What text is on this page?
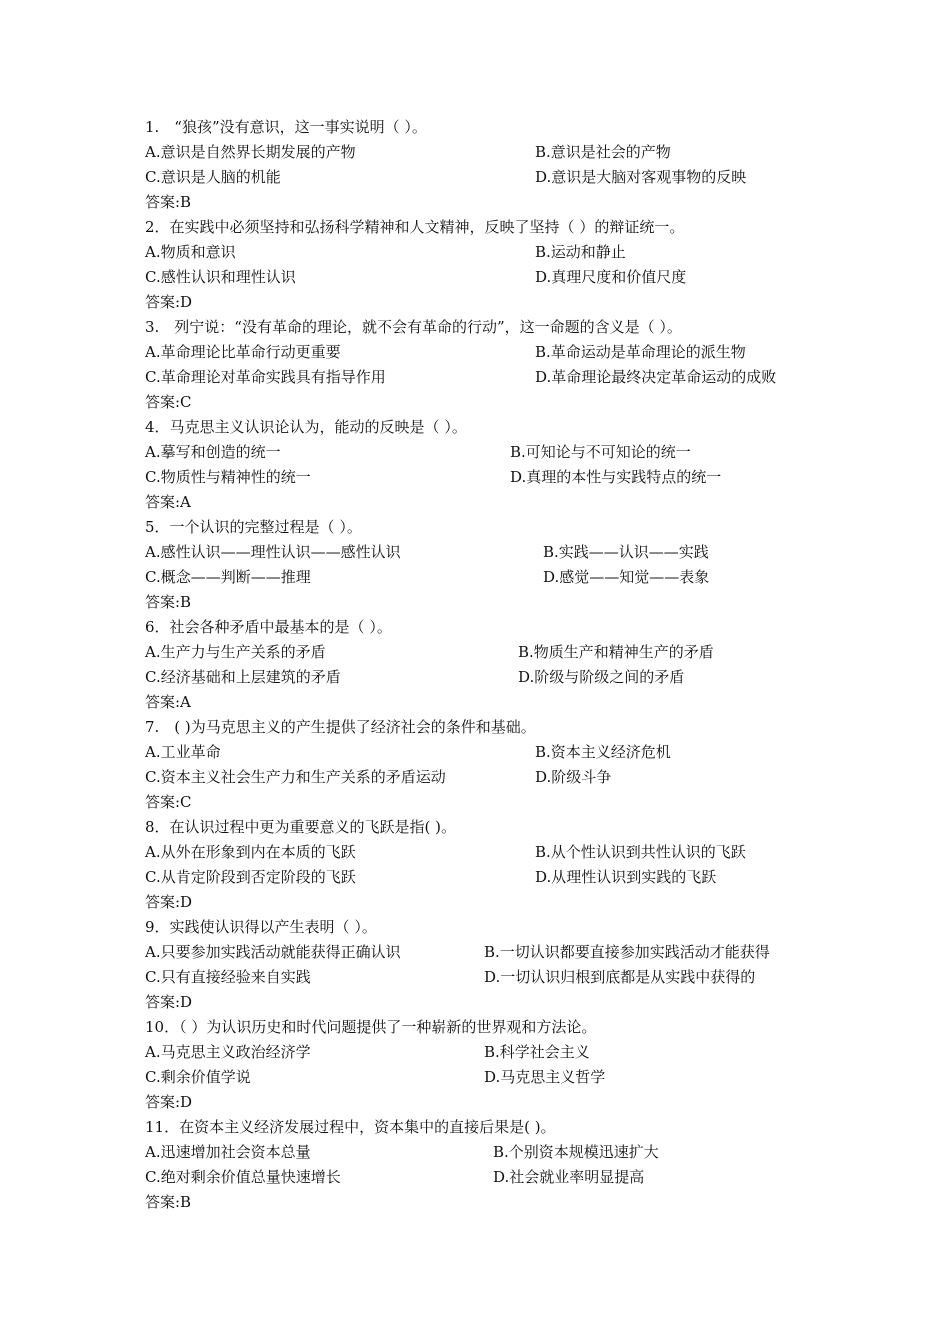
1.　“狼孩”没有意识，这一事实说明（ ）。
A.意识是自然界长期发展的产物	B.意识是社会的产物
C.意识是人脑的机能	D.意识是大脑对客观事物的反映
答案:B
2．在实践中必须坚持和弘扬科学精神和人文精神，反映了坚持（ ）的辩证统一。
A.物质和意识	B.运动和静止
C.感性认识和理性认识	D.真理尺度和价值尺度
答案:D
3.　列宁说：“没有革命的理论，就不会有革命的行动”，这一命题的含义是（ ）。
A.革命理论比革命行动更重要	B.革命运动是革命理论的派生物
C.革命理论对革命实践具有指导作用	D.革命理论最终决定革命运动的成败
答案:C
4．马克思主义认识论认为，能动的反映是（ ）。
A.摹写和创造的统一	B.可知论与不可知论的统一
C.物质性与精神性的统一	D.真理的本性与实践特点的统一
答案:A
5．一个认识的完整过程是（ ）。
A.感性认识——理性认识——感性认识	B.实践——认识——实践
C.概念——判断——推理	D.感觉——知觉——表象
答案:B
6．社会各种矛盾中最基本的是（ ）。
A.生产力与生产关系的矛盾	B.物质生产和精神生产的矛盾
C.经济基础和上层建筑的矛盾	D.阶级与阶级之间的矛盾
答案:A
7.　( )为马克思主义的产生提供了经济社会的条件和基础。
A.工业革命	B.资本主义经济危机
C.资本主义社会生产力和生产关系的矛盾运动	D.阶级斗争
答案:C
8．在认识过程中更为重要意义的飞跃是指( )。
A.从外在形象到内在本质的飞跃	B.从个性认识到共性认识的飞跃
C.从肯定阶段到否定阶段的飞跃	D.从理性认识到实践的飞跃
答案:D
9．实践使认识得以产生表明（ ）。
A.只要参加实践活动就能获得正确认识	B.一切认识都要直接参加实践活动才能获得
C.只有直接经验来自实践	D.一切认识归根到底都是从实践中获得的
答案:D
10．（ ）为认识历史和时代问题提供了一种崭新的世界观和方法论。
A.马克思主义政治经济学	B.科学社会主义
C.剩余价值学说	D.马克思主义哲学
答案:D
11．在资本主义经济发展过程中，资本集中的直接后果是( )。
A.迅速增加社会资本总量	B.个别资本规模迅速扩大
C.绝对剩余价值总量快速增长	D.社会就业率明显提高
答案:B
